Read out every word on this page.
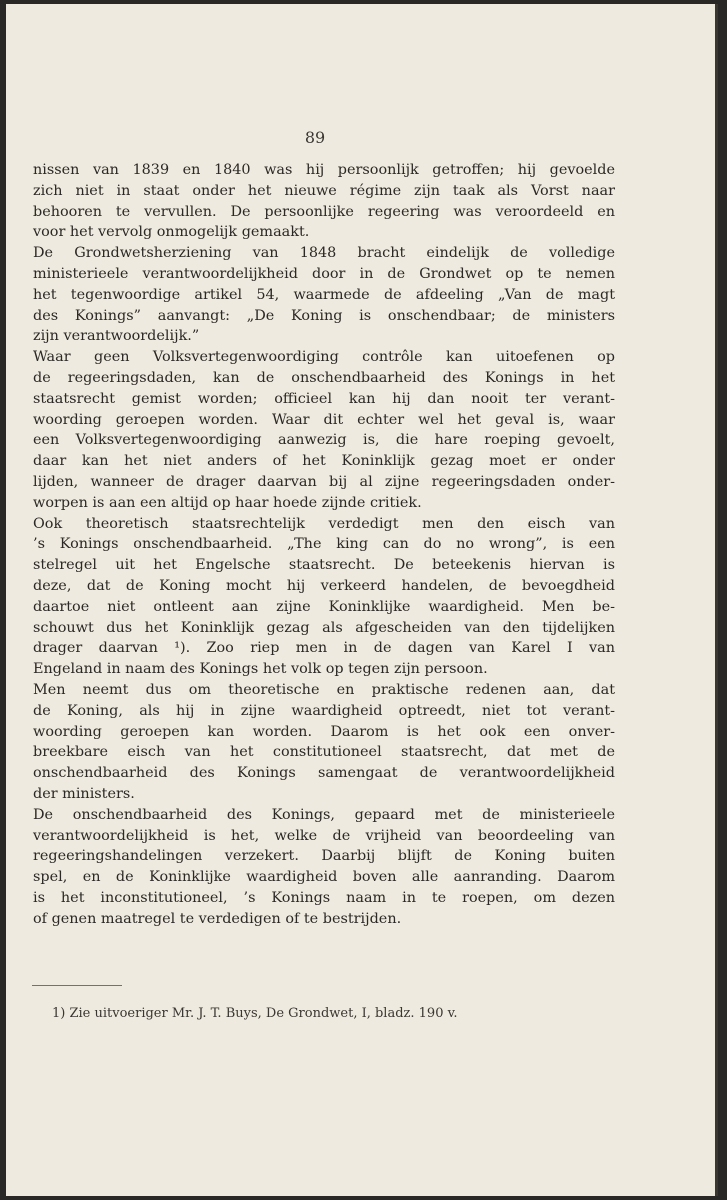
89

nissen van 1839 en 1840 was hij persoonlijk getroffen; hij gevoelde
zich niet in staat onder het nieuwe régime zijn taak als Vorst naar
behooren te vervullen. De persoonlijke regeering was veroordeeld en
voor het vervolg onmogelijk gemaakt.
De Grondwetsherziening van 1848 bracht eindelijk de volledige
ministerieele verantwoordelijkheid door in de Grondwet op te nemen
het tegenwoordige artikel 54, waarmede de afdeeling „Van de magt
des Konings” aanvangt: „De Koning is onschendbaar; de ministers
zijn verantwoordelijk.”
Waar geen Volksvertegenwoordiging contrôle kan uitoefenen op
de regeeringsdaden, kan de onschendbaarheid des Konings in het
staatsrecht gemist worden; officieel kan hij dan nooit ter verant-
woording geroepen worden. Waar dit echter wel het geval is, waar
een Volksvertegenwoordiging aanwezig is, die hare roeping gevoelt,
daar kan het niet anders of het Koninklijk gezag moet er onder
lijden, wanneer de drager daarvan bij al zijne regeeringsdaden onder-
worpen is aan een altijd op haar hoede zijnde critiek.
Ook theoretisch staatsrechtelijk verdedigt men den eisch van
’s Konings onschendbaarheid. „The king can do no wrong”, is een
stelregel uit het Engelsche staatsrecht. De beteekenis hiervan is
deze, dat de Koning mocht hij verkeerd handelen, de bevoegdheid
daartoe niet ontleent aan zijne Koninklijke waardigheid. Men be-
schouwt dus het Koninklijk gezag als afgescheiden van den tijdelijken
drager daarvan ¹). Zoo riep men in de dagen van Karel I van
Engeland in naam des Konings het volk op tegen zijn persoon.
Men neemt dus om theoretische en praktische redenen aan, dat
de Koning, als hij in zijne waardigheid optreedt, niet tot verant-
woording geroepen kan worden. Daarom is het ook een onver-
breekbare eisch van het constitutioneel staatsrecht, dat met de
onschendbaarheid des Konings samengaat de verantwoordelijkheid
der ministers.
De onschendbaarheid des Konings, gepaard met de ministerieele
verantwoordelijkheid is het, welke de vrijheid van beoordeeling van
regeeringshandelingen verzekert. Daarbij blijft de Koning buiten
spel, en de Koninklijke waardigheid boven alle aanranding. Daarom
is het inconstitutioneel, ’s Konings naam in te roepen, om dezen
of genen maatregel te verdedigen of te bestrijden.

1) Zie uitvoeriger Mr. J. T. Buys, De Grondwet, I, bladz. 190 v.
